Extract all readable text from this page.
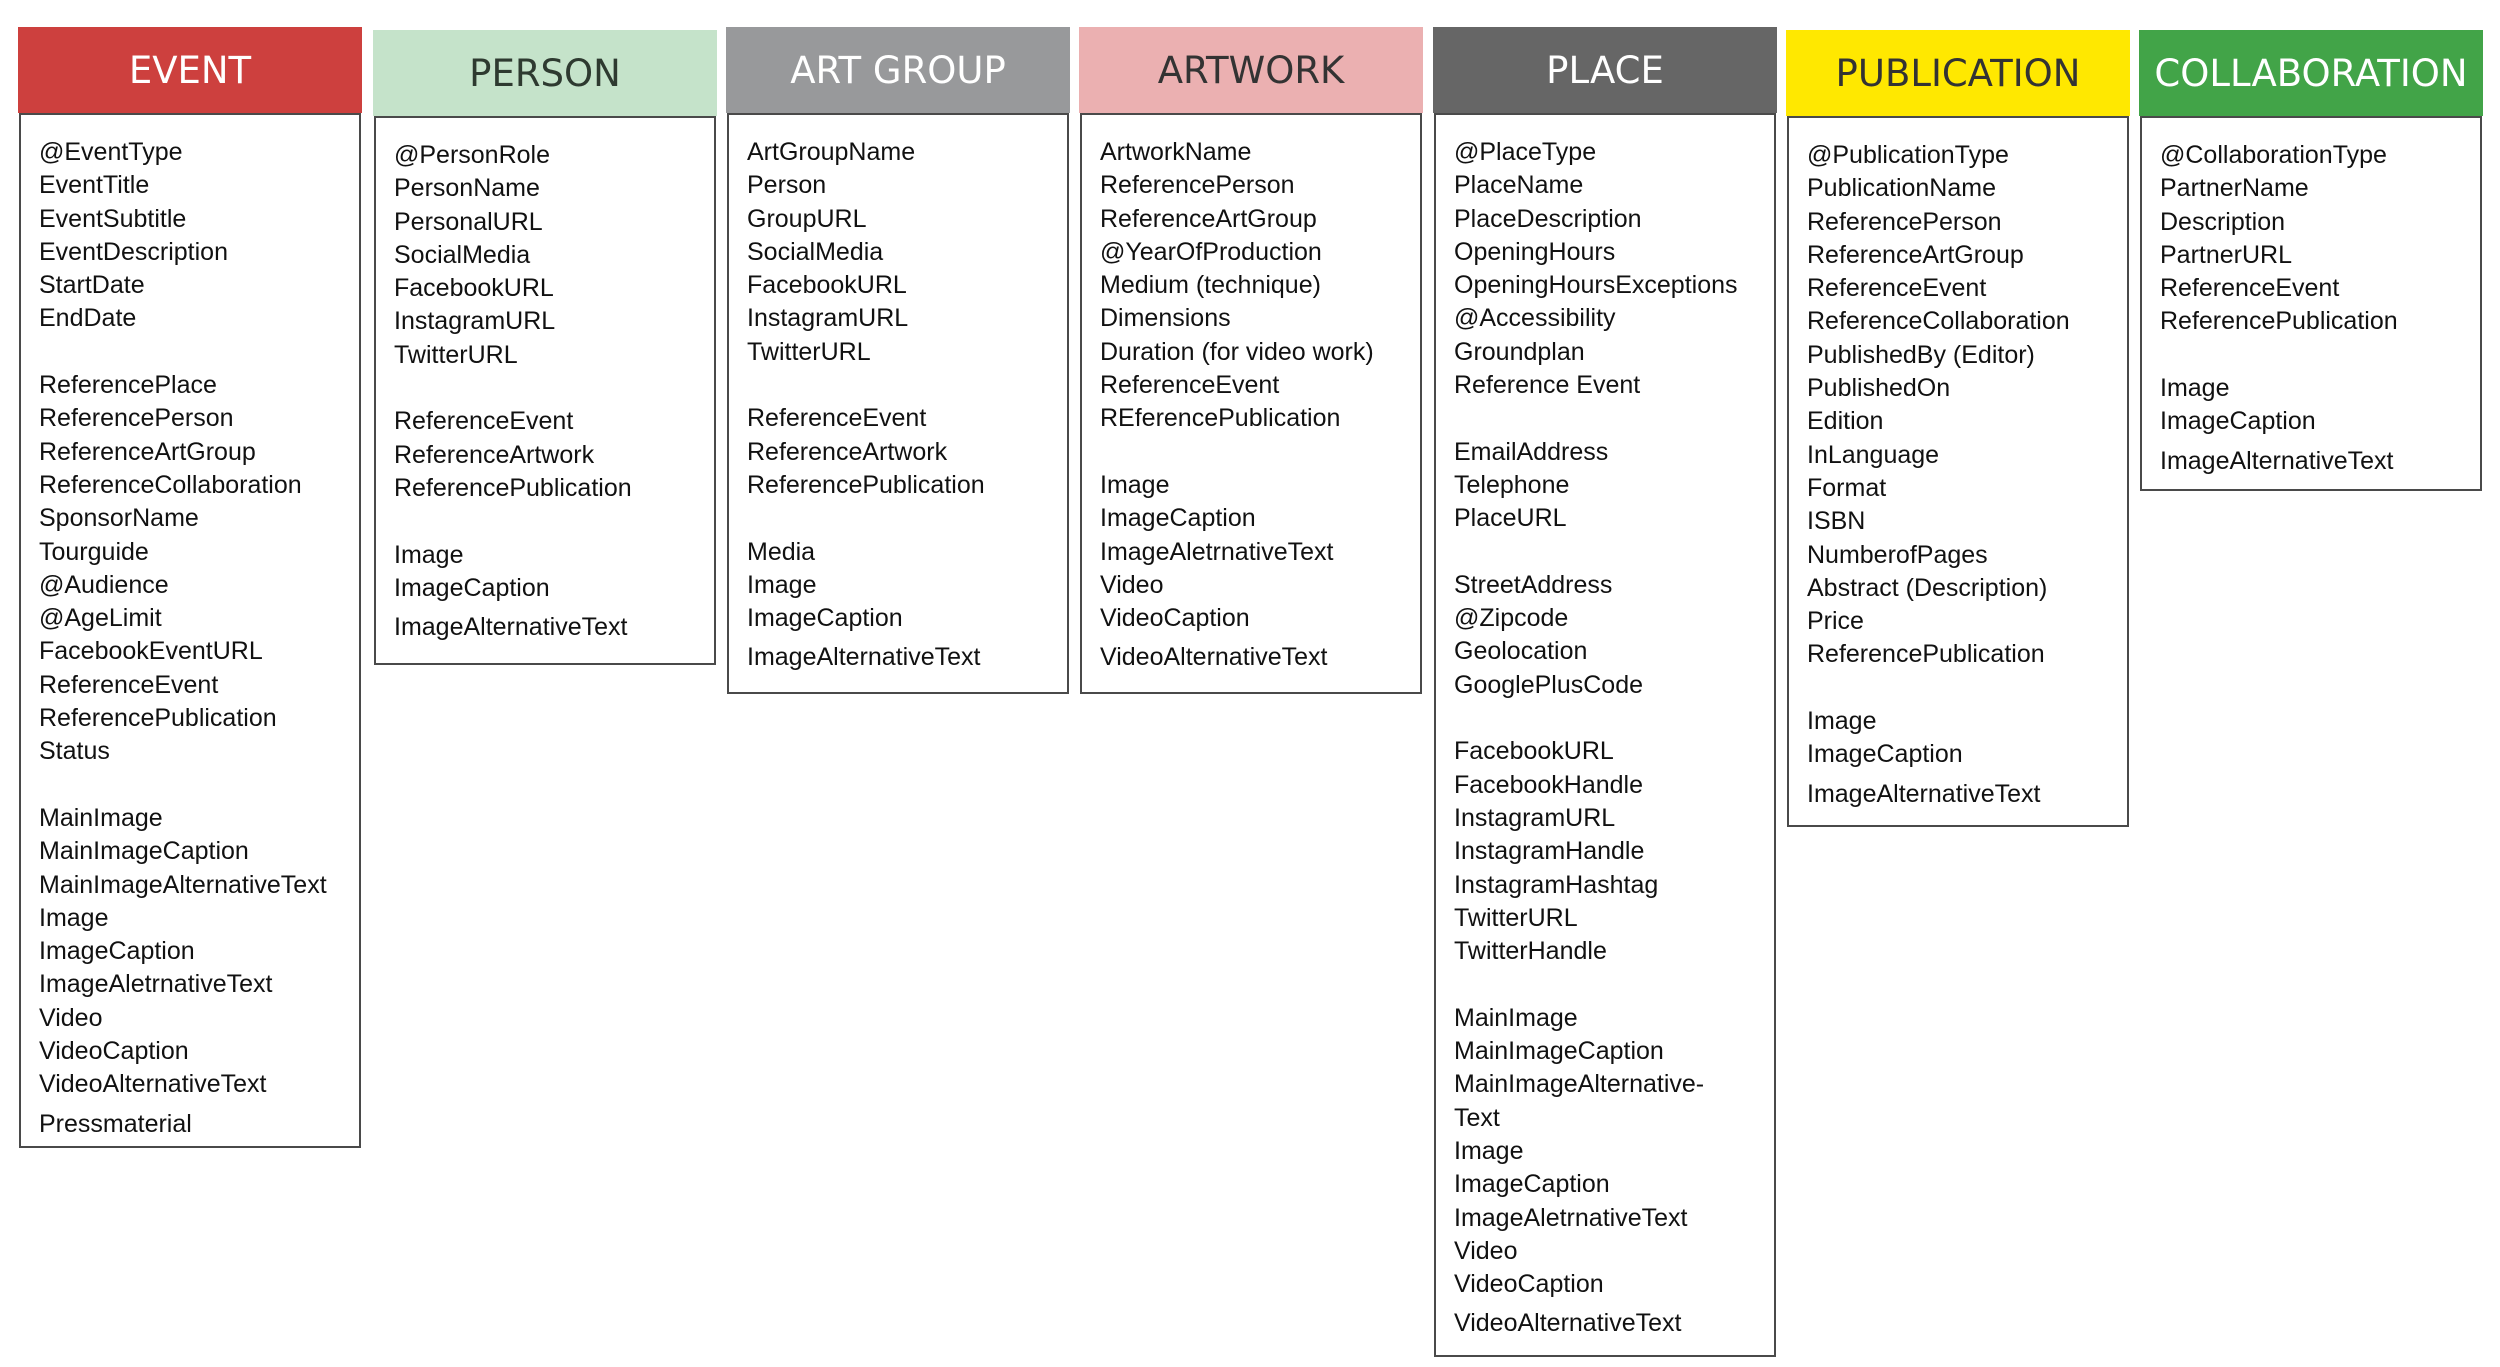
EVENT
@EventType
EventTitle
EventSubtitle
EventDescription
StartDate
EndDate
ReferencePlace
ReferencePerson
ReferenceArtGroup
ReferenceCollaboration
SponsorName
Tourguide
@Audience
@AgeLimit
FacebookEventURL
ReferenceEvent
ReferencePublication
Status
MainImage
MainImageCaption
MainImageAlternativeText
Image
ImageCaption
ImageAletrnativeText
Video
VideoCaption
VideoAlternativeText
Pressmaterial
PERSON
@PersonRole
PersonName
PersonalURL
SocialMedia
FacebookURL
InstagramURL
TwitterURL
ReferenceEvent
ReferenceArtwork
ReferencePublication
Image
ImageCaption
ImageAlternativeText
ART GROUP
ArtGroupName
Person
GroupURL
SocialMedia
FacebookURL
InstagramURL
TwitterURL
ReferenceEvent
ReferenceArtwork
ReferencePublication
Media
Image
ImageCaption
ImageAlternativeText
ARTWORK
ArtworkName
ReferencePerson
ReferenceArtGroup
@YearOfProduction
Medium (technique)
Dimensions
Duration (for video work)
ReferenceEvent
REferencePublication
Image
ImageCaption
ImageAletrnativeText
Video
VideoCaption
VideoAlternativeText
PLACE
@PlaceType
PlaceName
PlaceDescription
OpeningHours
OpeningHoursExceptions
@Accessibility
Groundplan
Reference Event
EmailAddress
Telephone
PlaceURL
StreetAddress
@Zipcode
Geolocation
GooglePlusCode
FacebookURL
FacebookHandle
InstagramURL
InstagramHandle
InstagramHashtag
TwitterURL
TwitterHandle
MainImage
MainImageCaption
MainImageAlternative-
Text
Image
ImageCaption
ImageAletrnativeText
Video
VideoCaption
VideoAlternativeText
PUBLICATION
@PublicationType
PublicationName
ReferencePerson
ReferenceArtGroup
ReferenceEvent
ReferenceCollaboration
PublishedBy (Editor)
PublishedOn
Edition
InLanguage
Format
ISBN
NumberofPages
Abstract (Description)
Price
ReferencePublication
Image
ImageCaption
ImageAlternativeText
COLLABORATION
@CollaborationType
PartnerName
Description
PartnerURL
ReferenceEvent
ReferencePublication
Image
ImageCaption
ImageAlternativeText
